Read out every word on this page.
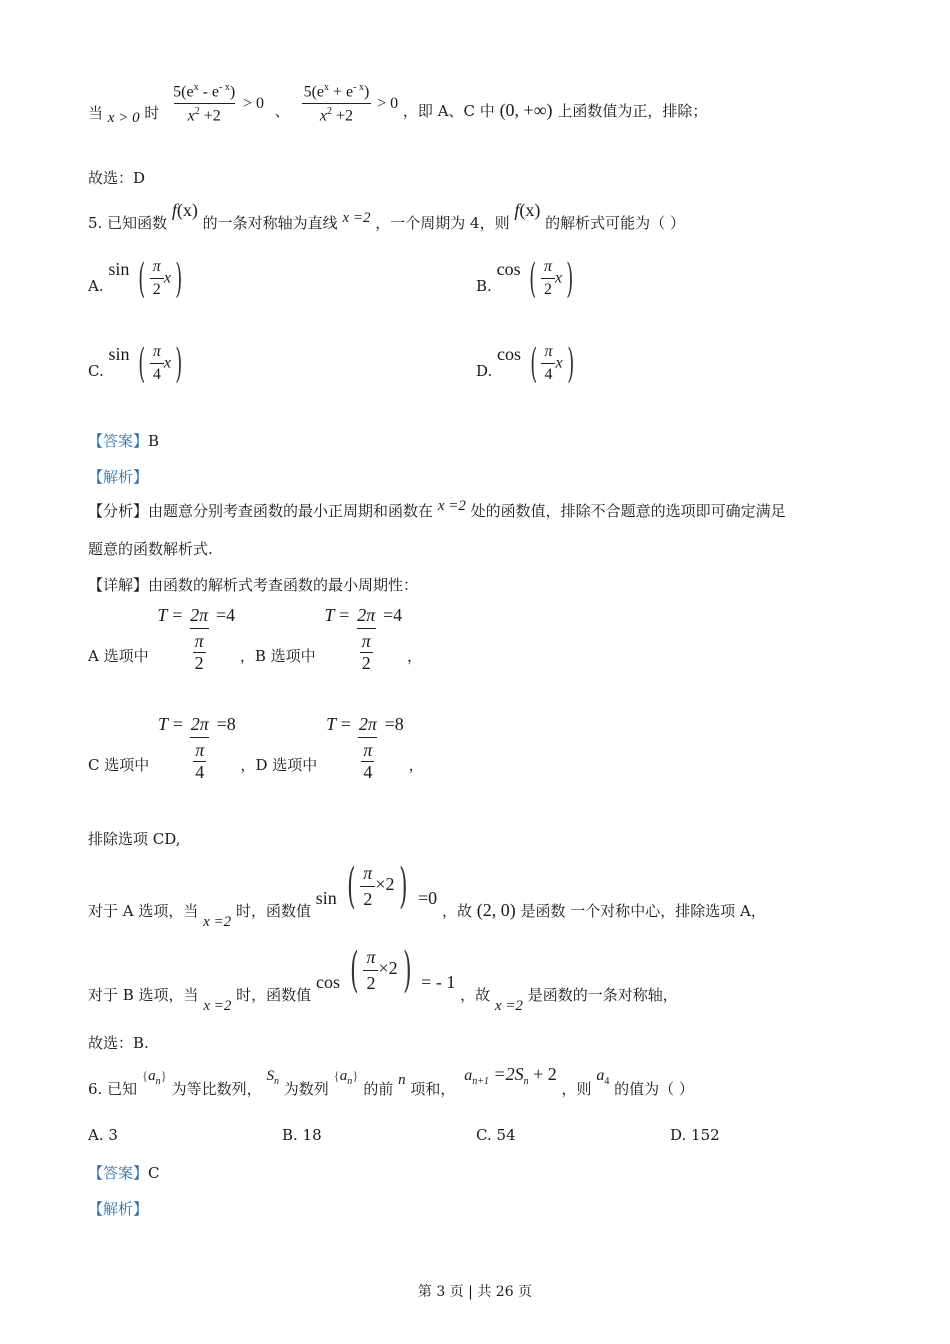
当 x > 0 时 $\frac{5(e^x - e^{- x})}{x^2 +2} > 0$ 、 $\frac{5(e^x + e^{- x})}{x^2 +2} > 0$ ，即 A、C 中 (0, +∞) 上函数值为正，排除；
故选：D
5. 已知函数 f(x) 的一条对称轴为直线 x =2 ，一个周期为 4，则 f(x) 的解析式可能为（ ）
A. sin ( $\frac{\pi}{2}$ x )	B. cos ( $\frac{\pi}{2}$ x )
C. sin ( $\frac{\pi}{4}$ x )	D. cos ( $\frac{\pi}{4}$ x )
【答案】B
【解析】
【分析】由题意分别考查函数的最小正周期和函数在 x =2 处的函数值，排除不合题意的选项即可确定满足
题意的函数解析式.
【详解】由函数的解析式考查函数的最小周期性：
A 选项中 T = 2π
π
2 =4 ，B 选项中 T = 2π
π
2 =4 ，
C 选项中 T = 2π
π
4 =8 ，D 选项中 T = 2π
π
4 =8 ，
排除选项 CD,
对于 A 选项，当 x =2 时，函数值 sin ( $\frac{\pi}{2} \times 2$ ) =0 ，故 (2, 0) 是函数 一个对称中心，排除选项 A，
对于 B 选项，当 x =2 时，函数值 cos ( $\frac{\pi}{2} \times 2$ ) = - 1 ，故 x =2 是函数的一条对称轴，
故选：B.
6. 已知 $\{a_n\}$ 为等比数列， $S_n$ 为数列 $\{a_n\}$ 的前 n 项和， $a_{n+1} =2S_n + 2$ ，则 $a_4$ 的值为（ ）
A. 3	B. 18	C. 54	D. 152
【答案】C
【解析】
第 3 页 | 共 26 页
